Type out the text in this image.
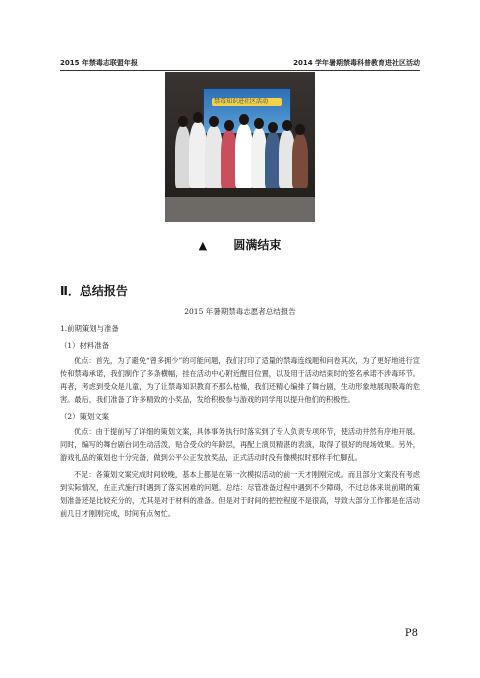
2015 年禁毒志联盟年报	2014 学年暑期禁毒科普教育进社区活动
禁毒知识进社区活动
▲ 圆满结束
Ⅱ．总结报告
2015 年暑期禁毒志愿者总结报告
1.前期策划与准备
（1）材料准备

优点：首先，为了避免“曾多拥少”的可能问题，我们打印了适量的禁毒连线题和问卷其次，为了更好地进行宣传和禁毒承诺，我们制作了多条横幅，挂在活动中心附近醒目位置，以及用于活动结束时的签名承诺不涉毒环节。再者，考虑到受众是儿童，为了让禁毒知识教育不那么枯燥，我们还精心编排了舞台剧，生动形象地展现吸毒的危害。最后，我们准备了许多精致的小奖品，发给积极参与游戏的同学用以提升他们的积极性。

（2）策划文案

优点：由于提前写了详细的策划文案，具体事务执行时落实到了专人负责专项环节，使活动井然有序地开展。同时，编写的舞台剧台词生动活泼，贴合受众的年龄层，再配上演员精湛的表演，取得了很好的现场效果。另外，游戏礼品的策划也十分完备，做到公平公正发放奖品，正式活动时没有像模拟时那样手忙脚乱。

不足：各策划文案完成时间较晚，基本上都是在第一次模拟活动的前一天才刚刚完成。而且部分文案没有考虑到实际情况，在正式施行时遇到了落实困难的问题。总结：尽管准备过程中遇到不少障碍，不过总体来说前期的策划准备还是比较充分的，尤其是对于材料的准备。但是对于时间的把控程度不是很高，导致大部分工作都是在活动前几日才刚刚完成，时间有点匆忙。

P8
